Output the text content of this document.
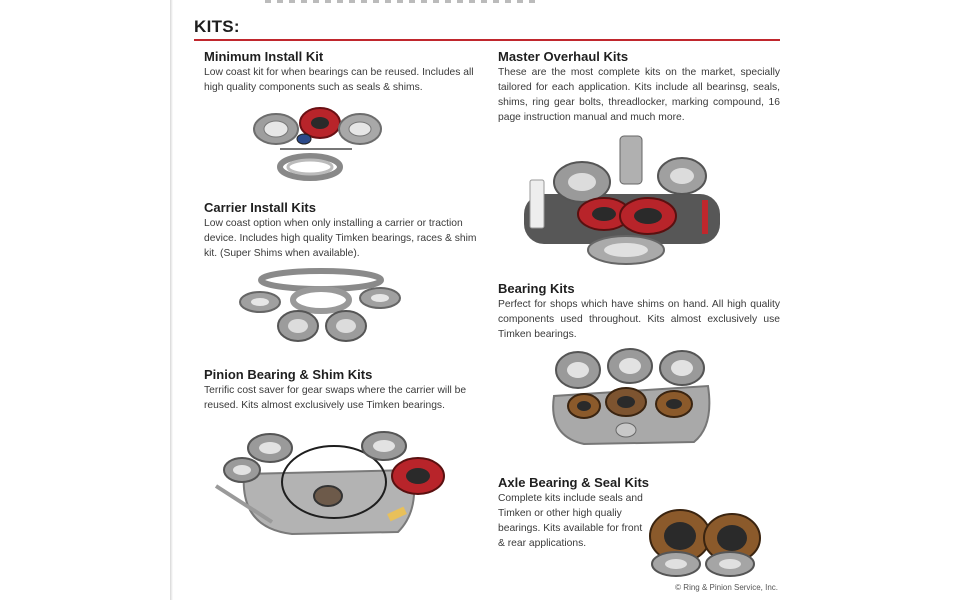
KITS:
Minimum Install Kit
Low coast kit for when bearings can be reused. Includes all high quality components such as seals & shims.
Master Overhaul Kits
These are the most complete kits on the market, specially tailored for each application. Kits include all bearinsg, seals, shims, ring gear bolts, threadlocker, marking compound, 16 page instruction manual and much more.
Carrier Install Kits
Low coast option when only installing a carrier or traction device. Includes high quality Timken bearings, races & shim kit. (Super Shims when available).
Bearing Kits
Perfect for shops which have shims on hand. All high quality components used throughout. Kits almost exclusively use Timken bearings.
Pinion Bearing & Shim Kits
Terrific cost saver for gear swaps where the carrier will be reused. Kits almost exclusively use Timken bearings.
Axle Bearing & Seal Kits
Complete kits include seals and Timken or other high qualiy bearings. Kits available for front & rear applications.
© Ring & Pinion Service, Inc.
